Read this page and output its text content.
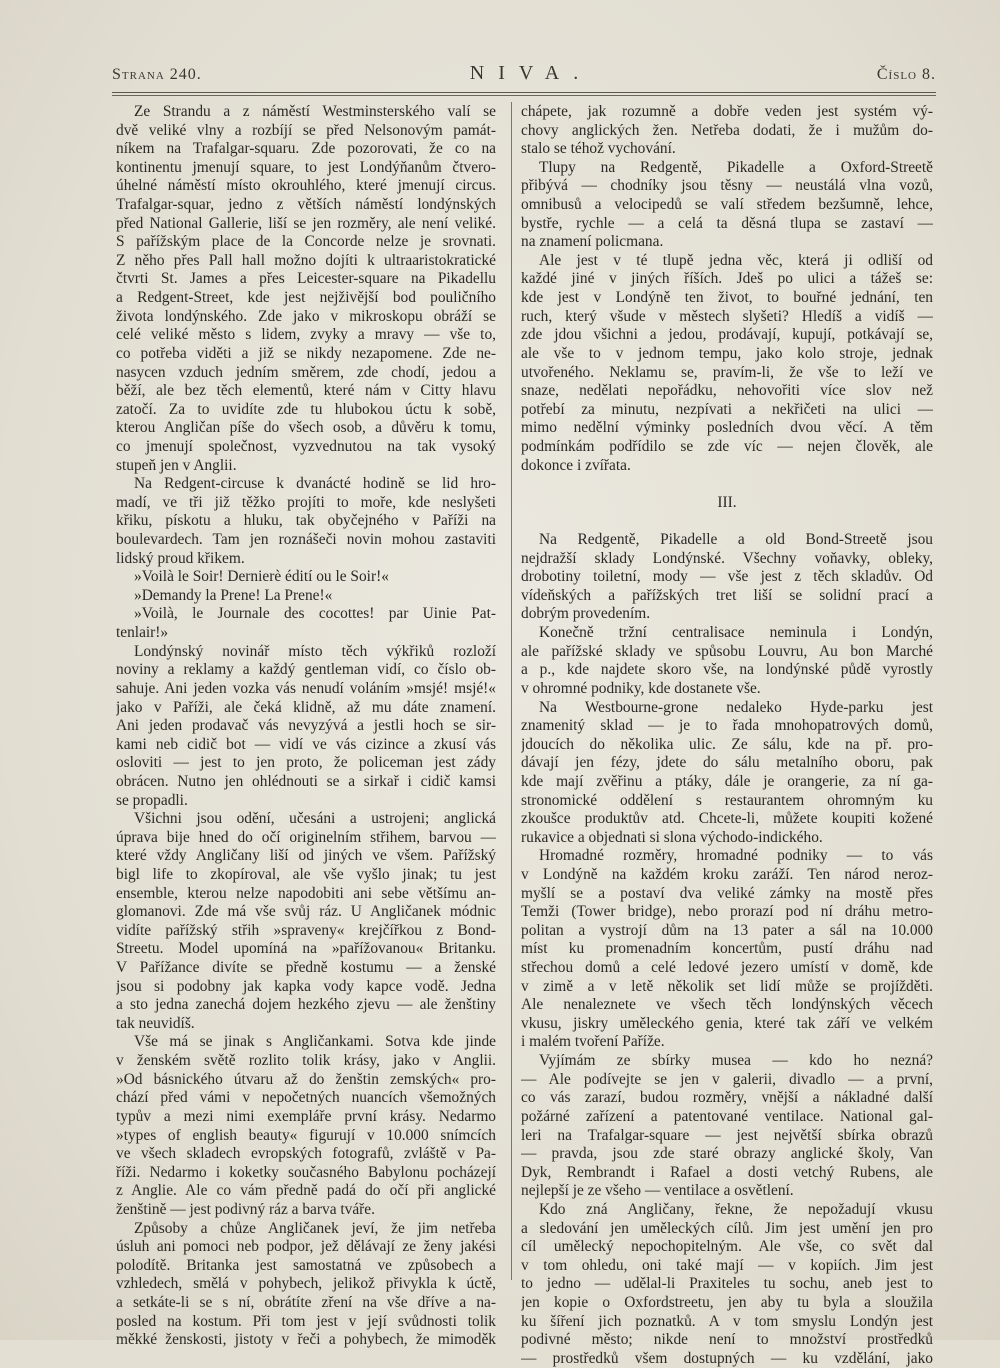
Strana 240.	NIVA.	Číslo 8.
Ze Strandu a z náměstí Westminsterského valí se
dvě veliké vlny a rozbíjí se před Nelsonovým památ-
níkem na Trafalgar-squaru. Zde pozorovati, že co na
kontinentu jmenují square, to jest Londýňanům čtvero-
úhelné náměstí místo okrouhlého, které jmenují circus.
Trafalgar-squar, jedno z větších náměstí londýnských
před National Gallerie, liší se jen rozměry, ale není veliké.
S pařížským place de la Concorde nelze je srovnati.
Z něho přes Pall hall možno dojíti k ultraaristokratické
čtvrti St. James a přes Leicester-square na Pikadellu
a Redgent-Street, kde jest nejživější bod pouličního
života londýnského. Zde jako v mikroskopu obráží se
celé veliké město s lidem, zvyky a mravy — vše to,
co potřeba viděti a již se nikdy nezapomene. Zde ne-
nasycen vzduch jedním směrem, zde chodí, jedou a
běží, ale bez těch elementů, které nám v Citty hlavu
zatočí. Za to uvidíte zde tu hlubokou úctu k sobě,
kterou Angličan píše do všech osob, a důvěru k tomu,
co jmenují společnost, vyzvednutou na tak vysoký
stupeň jen v Anglii.
Na Redgent-circuse k dvanácté hodině se lid hro-
madí, ve tři již těžko projíti to moře, kde neslyšeti
křiku, pískotu a hluku, tak obyčejného v Paříži na
boulevardech. Tam jen roznášeči novin mohou zastaviti
lidský proud křikem.
»Voilà le Soir! Dernierè édití ou le Soir!«
»Demandy la Prene! La Prene!«
»Voilà, le Journale des cocottes! par Uinie Pat-
tenlair!»
Londýnský novinář místo těch výkřiků rozloží
noviny a reklamy a každý gentleman vidí, co číslo ob-
sahuje. Ani jeden vozka vás nenudí voláním »msjé! msjé!«
jako v Paříži, ale čeká klidně, až mu dáte znamení.
Ani jeden prodavač vás nevyzývá a jestli hoch se sir-
kami neb cidič bot — vidí ve vás cizince a zkusí vás
osloviti — jest to jen proto, že policeman jest zády
obrácen. Nutno jen ohlédnouti se a sirkař i cidič kamsi
se propadli.
Všichni jsou odění, učesáni a ustrojeni; anglická
úprava bije hned do očí originelním střihem, barvou —
které vždy Angličany liší od jiných ve všem. Pařížský
bigl life to zkopíroval, ale vše vyšlo jinak; tu jest
ensemble, kterou nelze napodobiti ani sebe většímu an-
glomanovi. Zde má vše svůj ráz. U Angličanek módnic
vidíte pařížský střih »spraveny« krejčířkou z Bond-
Streetu. Model upomíná na »pařížovanou« Britanku.
V Pařížance divíte se předně kostumu — a ženské
jsou si podobny jak kapka vody kapce vodě. Jedna
a sto jedna zanechá dojem hezkého zjevu — ale ženštiny
tak neuvidíš.
Vše má se jinak s Angličankami. Sotva kde jinde
v ženském světě rozlito tolik krásy, jako v Anglii.
»Od básnického útvaru až do ženštin zemských« pro-
chází před vámi v nepočetných nuancích všemožných
typův a mezi nimi exempláře první krásy. Nedarmo
»types of english beauty« figurují v 10.000 snímcích
ve všech skladech evropských fotografů, zvláště v Pa-
říži. Nedarmo i koketky současného Babylonu pocházejí
z Anglie. Ale co vám předně padá do očí při anglické
ženštině — jest podivný ráz a barva tváře.
Způsoby a chůze Angličanek jeví, že jim netřeba
úsluh ani pomoci neb podpor, jež dělávají ze ženy jakési
polodítě. Britanka jest samostatná ve způsobech a
vzhledech, smělá v pohybech, jelikož přivykla k úctě,
a setkáte-li se s ní, obrátíte zření na vše dříve a na-
posled na kostum. Při tom jest v její svůdnosti tolik
měkké ženskosti, jistoty v řeči a pohybech, že mimoděk
chápete, jak rozumně a dobře veden jest systém vý-
chovy anglických žen. Netřeba dodati, že i mužům do-
stalo se téhož vychování.
Tlupy na Redgentě, Pikadelle a Oxford-Streetě
přibývá — chodníky jsou těsny — neustálá vlna vozů,
omnibusů a velocipedů se valí středem bezšumně, lehce,
bystře, rychle — a celá ta děsná tlupa se zastaví —
na znamení policmana.
Ale jest v té tlupě jedna věc, která ji odliší od
každé jiné v jiných říších. Jdeš po ulici a tážeš se:
kde jest v Londýně ten život, to bouřné jednání, ten
ruch, který všude v městech slyšeti? Hledíš a vidíš —
zde jdou všichni a jedou, prodávají, kupují, potkávají se,
ale vše to v jednom tempu, jako kolo stroje, jednak
utvořeného. Neklamu se, pravím-li, že vše to leží ve
snaze, nedělati nepořádku, nehovořiti více slov než
potřebí za minutu, nezpívati a nekřičeti na ulici —
mimo nedělní výminky posledních dvou věcí. A těm
podmínkám podřídilo se zde víc — nejen člověk, ale
dokonce i zvířata.
III.
Na Redgentě, Pikadelle a old Bond-Streetě jsou
nejdražší sklady Londýnské. Všechny voňavky, obleky,
drobotiny toiletní, mody — vše jest z těch skladův. Od
vídeňských a pařížských tret liší se solidní prací a
dobrým provedením.
Konečně tržní centralisace neminula i Londýn,
ale pařížské sklady ve spůsobu Louvru, Au bon Marché
a p., kde najdete skoro vše, na londýnské půdě vyrostly
v ohromné podniky, kde dostanete vše.
Na Westbourne-grone nedaleko Hyde-parku jest
znamenitý sklad — je to řada mnohopatrových domů,
jdoucích do několika ulic. Ze sálu, kde na př. pro-
dávají jen fézy, jdete do sálu metalního oboru, pak
kde mají zvěřinu a ptáky, dále je orangerie, za ní ga-
stronomické oddělení s restaurantem ohromným ku
zkoušce produktův atd. Chcete-li, můžete koupiti kožené
rukavice a objednati si slona východo-indického.
Hromadné rozměry, hromadné podniky — to vás
v Londýně na každém kroku zaráží. Ten národ neroz-
myšlí se a postaví dva veliké zámky na mostě přes
Temži (Tower bridge), nebo prorazí pod ní dráhu metro-
politan a vystrojí dům na 13 pater a sál na 10.000
míst ku promenadním koncertům, pustí dráhu nad
střechou domů a celé ledové jezero umístí v domě, kde
v zimě a v letě několik set lidí může se projížděti.
Ale nenaleznete ve všech těch londýnských věcech
vkusu, jiskry uměleckého genia, které tak září ve velkém
i malém tvoření Paříže.
Vyjímám ze sbírky musea — kdo ho nezná?
— Ale podívejte se jen v galerii, divadlo — a první,
co vás zarazí, budou rozměry, vnější a nákladné další
požárné zařízení a patentované ventilace. National gal-
leri na Trafalgar-square — jest největší sbírka obrazů
— pravda, jsou zde staré obrazy anglické školy, Van
Dyk, Rembrandt i Rafael a dosti vetchý Rubens, ale
nejlepší je ze všeho — ventilace a osvětlení.
Kdo zná Angličany, řekne, že nepožadují vkusu
a sledování jen uměleckých cílů. Jim jest umění jen pro
cíl umělecký nepochopitelným. Ale vše, co svět dal
v tom ohledu, oni také mají — v kopiích. Jim jest
to jedno — udělal-li Praxiteles tu sochu, aneb jest to
jen kopie o Oxfordstreetu, jen aby tu byla a sloužila
ku šíření jich poznatků. A v tom smyslu Londýn jest
podivné město; nikde není to množství prostředků
— prostředků všem dostupných — ku vzdělání, jako
